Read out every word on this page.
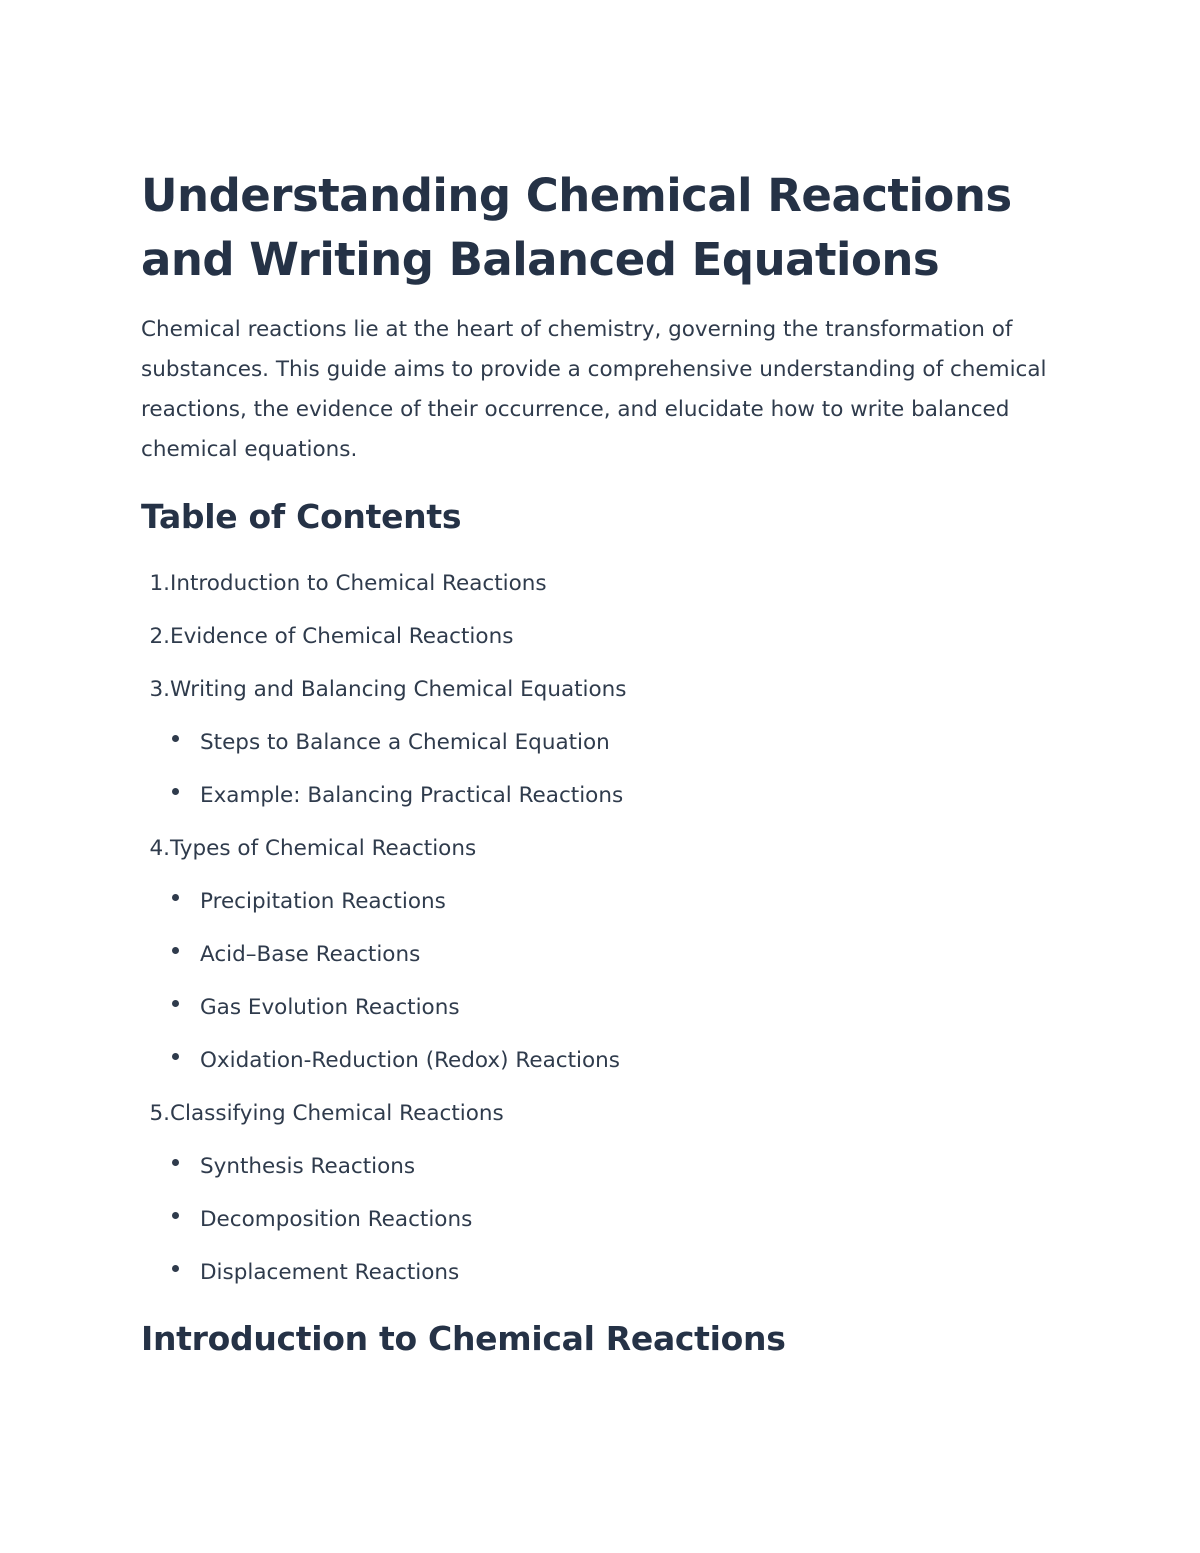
Understanding Chemical Reactions and Writing Balanced Equations

Chemical reactions lie at the heart of chemistry, governing the transformation of substances. This guide aims to provide a comprehensive understanding of chemical reactions, the evidence of their occurrence, and elucidate how to write balanced chemical equations.

Table of Contents
1.Introduction to Chemical Reactions
2.Evidence of Chemical Reactions
3.Writing and Balancing Chemical Equations
Steps to Balance a Chemical Equation
Example: Balancing Practical Reactions
4.Types of Chemical Reactions
Precipitation Reactions
Acid–Base Reactions
Gas Evolution Reactions
Oxidation-Reduction (Redox) Reactions
5.Classifying Chemical Reactions
Synthesis Reactions
Decomposition Reactions
Displacement Reactions
Introduction to Chemical Reactions
